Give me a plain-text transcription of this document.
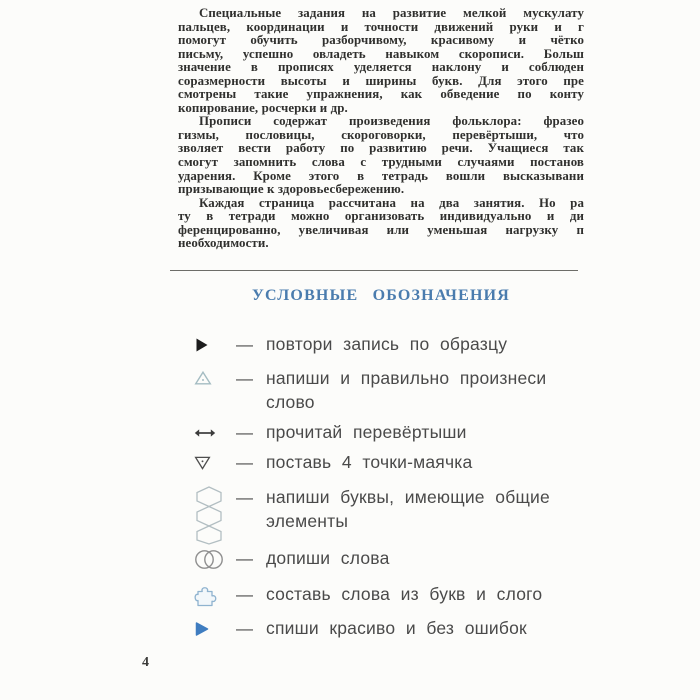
Специальные задания на развитие мелкой мускулату
пальцев, координации и точности движений руки и г
помогут обучить разборчивому, красивому и чётко
письму, успешно овладеть навыком скорописи. Больш
значение в прописях уделяется наклону и соблюден
соразмерности высоты и ширины букв. Для этого пре
смотрены такие упражнения, как обведение по конту
копирование, росчерки и др.
Прописи содержат произведения фольклора: фразео
гизмы, пословицы, скороговорки, перевёртыши, что
зволяет вести работу по развитию речи. Учащиеся так
смогут запомнить слова с трудными случаями постанов
ударения. Кроме этого в тетрадь вошли высказывани
призывающие к здоровьесбережению.
Каждая страница рассчитана на два занятия. Но ра
ту в тетради можно организовать индивидуально и ди
ференцированно, увеличивая или уменьшая нагрузку п
необходимости.
УСЛОВНЫЕ ОБОЗНАЧЕНИЯ
— повтори запись по образцу
— напиши и правильно произнеси
слово
— прочитай перевёртыши
— поставь 4 точки-маячка
— напиши буквы, имеющие общие
элементы
— допиши слова
— составь слова из букв и слого
— спиши красиво и без ошибок
4
